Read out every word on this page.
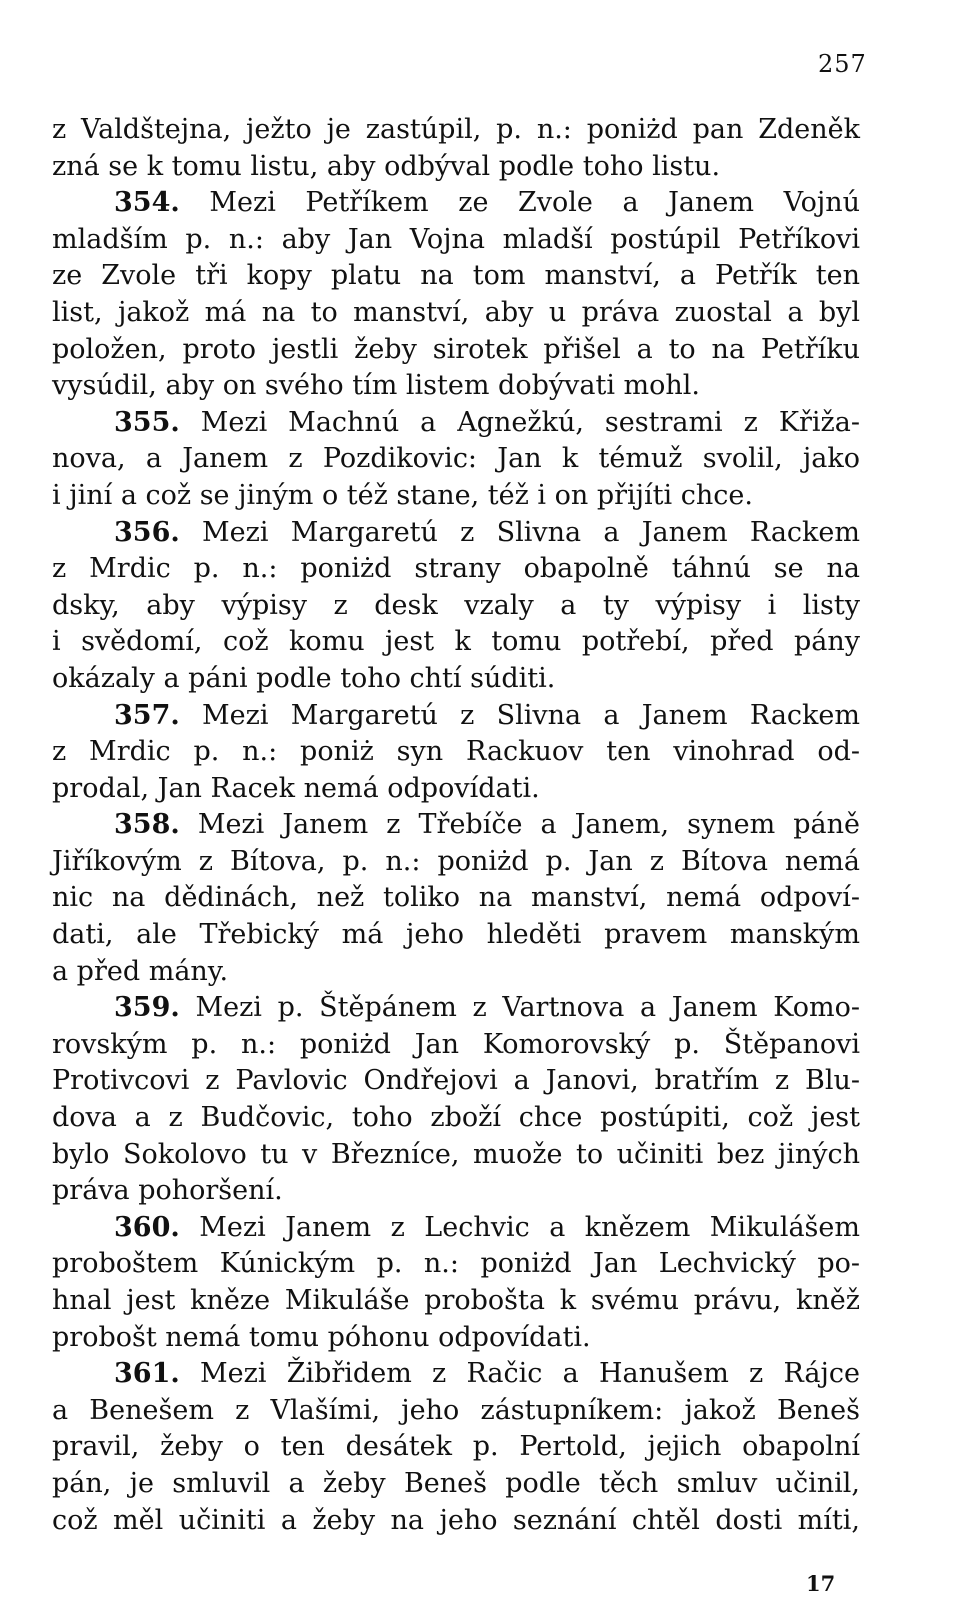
257
z Valdštejna, ježto je zastúpil, p. n.: poniżd pan Zdeněk
zná se k tomu listu, aby odbýval podle toho listu.
354. Mezi Petříkem ze Zvole a Janem Vojnú
mladším p. n.: aby Jan Vojna mladší postúpil Petříkovi
ze Zvole tři kopy platu na tom manství, a Petřík ten
list, jakož má na to manství, aby u práva zuostal a byl
položen, proto jestli žeby sirotek přišel a to na Petříku
vysúdil, aby on svého tím listem dobývati mohl.
355. Mezi Machnú a Agnežkú, sestrami z Křiža-
nova, a Janem z Pozdikovic: Jan k témuž svolil, jako
i jiní a což se jiným o též stane, též i on přijíti chce.
356. Mezi Margaretú z Slivna a Janem Rackem
z Mrdic p. n.: poniżd strany obapolně táhnú se na
dsky, aby výpisy z desk vzaly a ty výpisy i listy
i svědomí, což komu jest k tomu potřebí, před pány
okázaly a páni podle toho chtí súditi.
357. Mezi Margaretú z Slivna a Janem Rackem
z Mrdic p. n.: poniż syn Rackuov ten vinohrad od-
prodal, Jan Racek nemá odpovídati.
358. Mezi Janem z Třebíče a Janem, synem páně
Jiříkovým z Bítova, p. n.: poniżd p. Jan z Bítova nemá
nic na dědinách, než toliko na manství, nemá odpoví-
dati, ale Třebický má jeho hleděti pravem manským
a před mány.
359. Mezi p. Štěpánem z Vartnova a Janem Komo-
rovským p. n.: poniżd Jan Komorovský p. Štěpanovi
Protivcovi z Pavlovic Ondřejovi a Janovi, bratřím z Blu-
dova a z Budčovic, toho zboží chce postúpiti, což jest
bylo Sokolovo tu v Březníce, muože to učiniti bez jiných
práva pohoršení.
360. Mezi Janem z Lechvic a knězem Mikulášem
proboštem Kúnickým p. n.: poniżd Jan Lechvický po-
hnal jest kněze Mikuláše probošta k svému právu, kněž
probošt nemá tomu póhonu odpovídati.
361. Mezi Žibřidem z Račic a Hanušem z Rájce
a Benešem z Vlašími, jeho zástupníkem: jakož Beneš
pravil, žeby o ten desátek p. Pertold, jejich obapolní
pán, je smluvil a žeby Beneš podle těch smluv učinil,
což měl učiniti a žeby na jeho seznání chtěl dosti míti,
17
